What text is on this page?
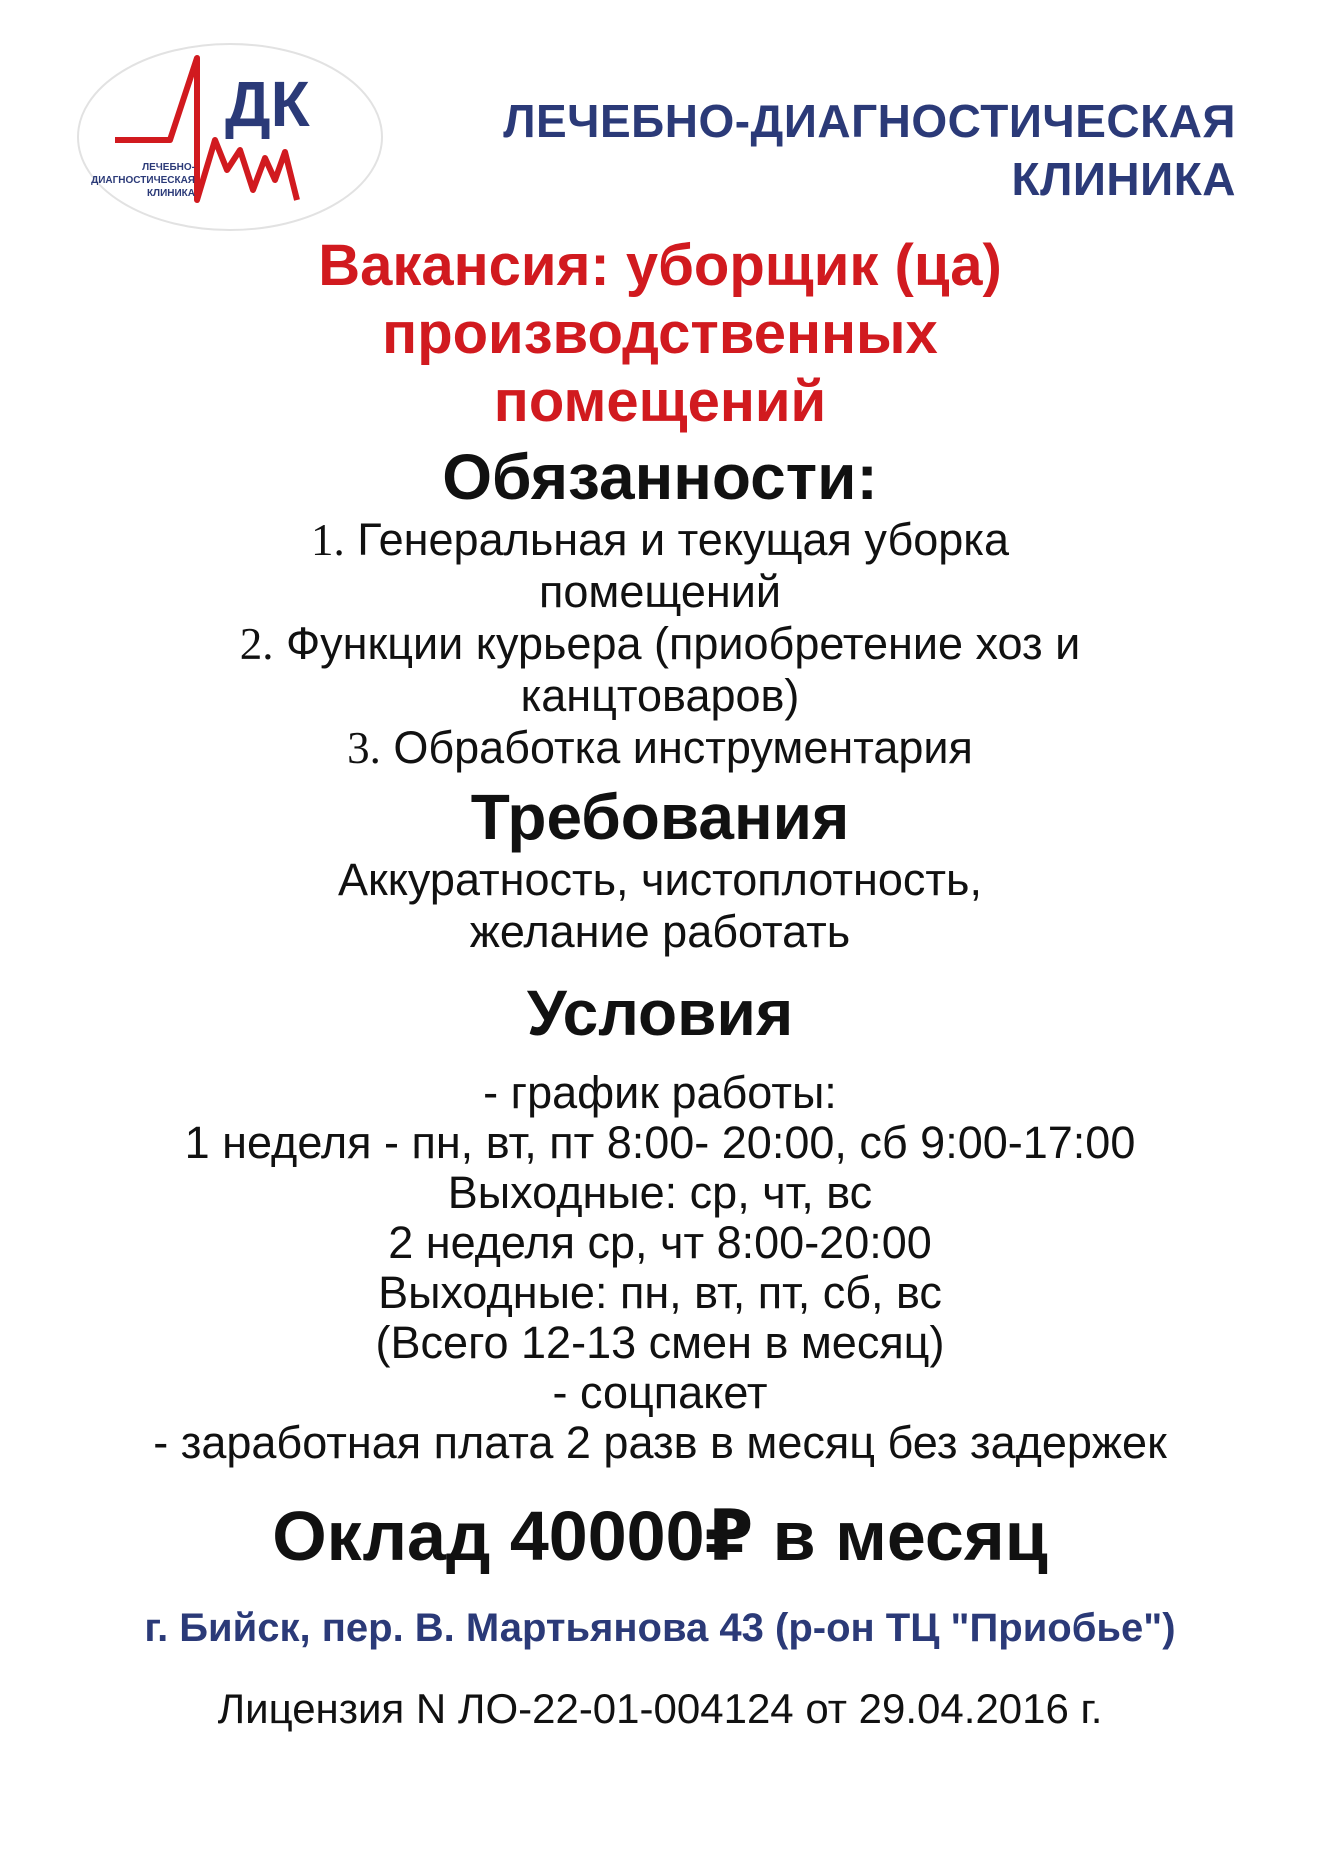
ДК
ЛЕЧЕБНО-
ДИАГНОСТИЧЕСКАЯ
КЛИНИКА
ЛЕЧЕБНО-ДИАГНОСТИЧЕСКАЯ
КЛИНИКА

Вакансия: уборщик (ца) производственных помещений

Обязанности:

1. Генеральная и текущая уборка помещений

2. Функции курьера (приобретение хоз и канцтоваров)

3. Обработка инструментария

Требования

Аккуратность, чистоплотность, желание работать

Условия

- график работы:

1 неделя - пн, вт, пт 8:00- 20:00, сб 9:00-17:00

Выходные: ср, чт, вс

2 неделя ср, чт 8:00-20:00

Выходные: пн, вт, пт, сб, вс

(Всего 12-13 смен в месяц)

- соцпакет

- заработная плата 2 разв в месяц без задержек

Оклад 40000₽ в месяц

г. Бийск, пер. В. Мартьянова 43 (р-он ТЦ "Приобье")

Лицензия N ЛО-22-01-004124 от 29.04.2016 г.
